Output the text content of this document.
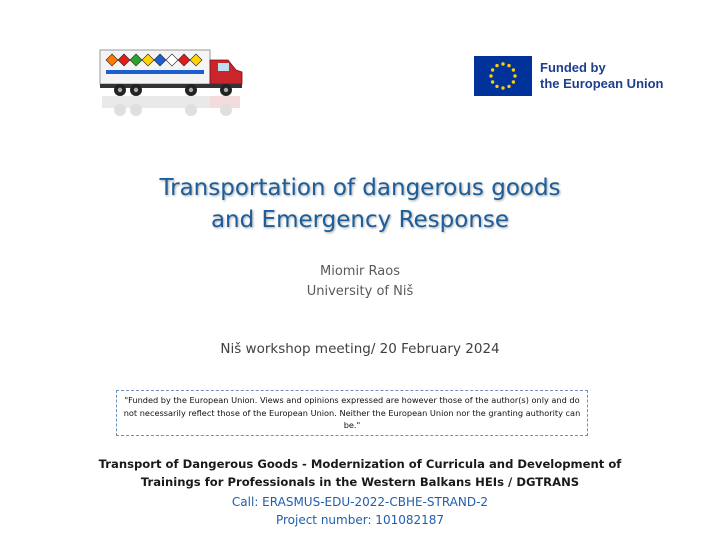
Funded by
the European Union
Transportation of dangerous goods
and Emergency Response
Miomir Raos
University of Niš
Niš workshop meeting/ 20 February 2024
"Funded by the European Union. Views and opinions expressed are however those of the author(s) only and do not necessarily reflect those of the European Union. Neither the European Union nor the granting authority can be."
Transport of Dangerous Goods - Modernization of Curricula and Development of
Trainings for Professionals in the Western Balkans HEIs / DGTRANS
Call: ERASMUS-EDU-2022-CBHE-STRAND-2
Project number: 101082187
